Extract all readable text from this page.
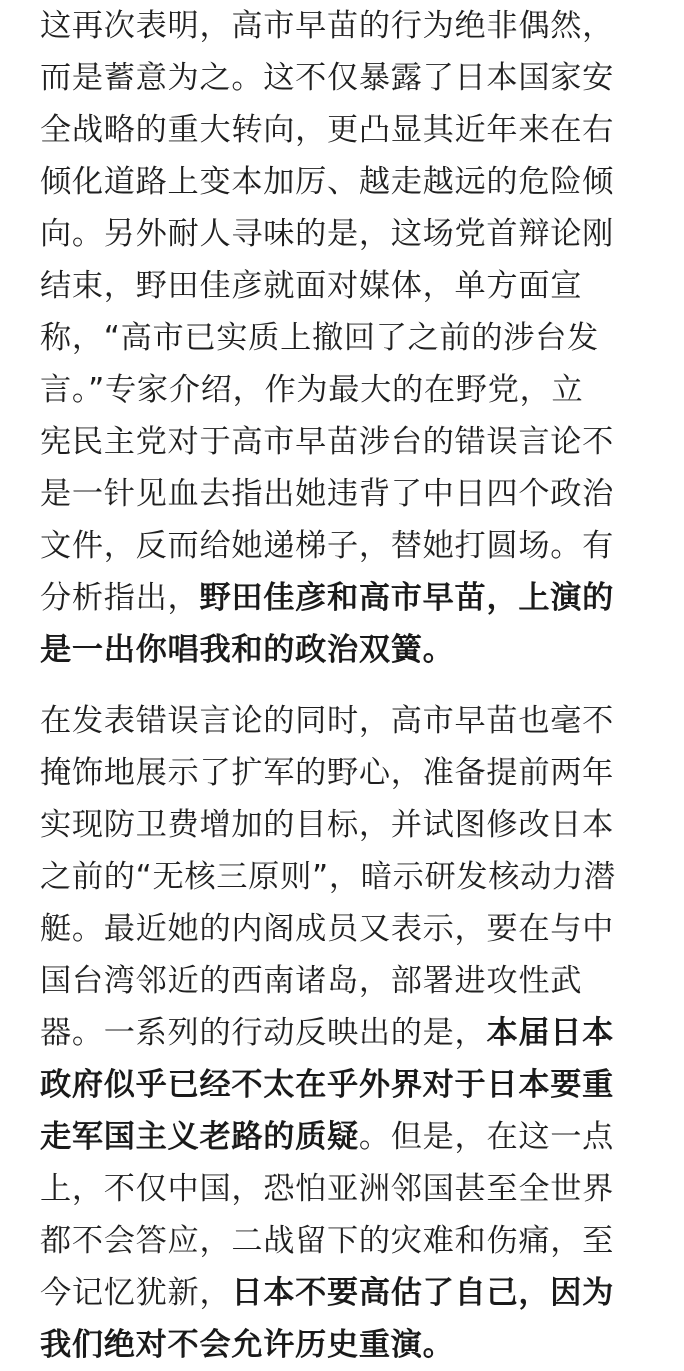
这再次表明，高市早苗的行为绝非偶然，
而是蓄意为之。这不仅暴露了日本国家安
全战略的重大转向，更凸显其近年来在右
倾化道路上变本加厉、越走越远的危险倾
向。另外耐人寻味的是，这场党首辩论刚
结束，野田佳彦就面对媒体，单方面宣
称，“高市已实质上撤回了之前的涉台发
言。”专家介绍，作为最大的在野党，立
宪民主党对于高市早苗涉台的错误言论不
是一针见血去指出她违背了中日四个政治
文件，反而给她递梯子，替她打圆场。有
分析指出，野田佳彦和高市早苗，上演的
是一出你唱我和的政治双簧。
在发表错误言论的同时，高市早苗也毫不
掩饰地展示了扩军的野心，准备提前两年
实现防卫费增加的目标，并试图修改日本
之前的“无核三原则”，暗示研发核动力潜
艇。最近她的内阁成员又表示，要在与中
国台湾邻近的西南诸岛，部署进攻性武
器。一系列的行动反映出的是，本届日本
政府似乎已经不太在乎外界对于日本要重
走军国主义老路的质疑。但是，在这一点
上，不仅中国，恐怕亚洲邻国甚至全世界
都不会答应，二战留下的灾难和伤痛，至
今记忆犹新，日本不要高估了自己，因为
我们绝对不会允许历史重演。
